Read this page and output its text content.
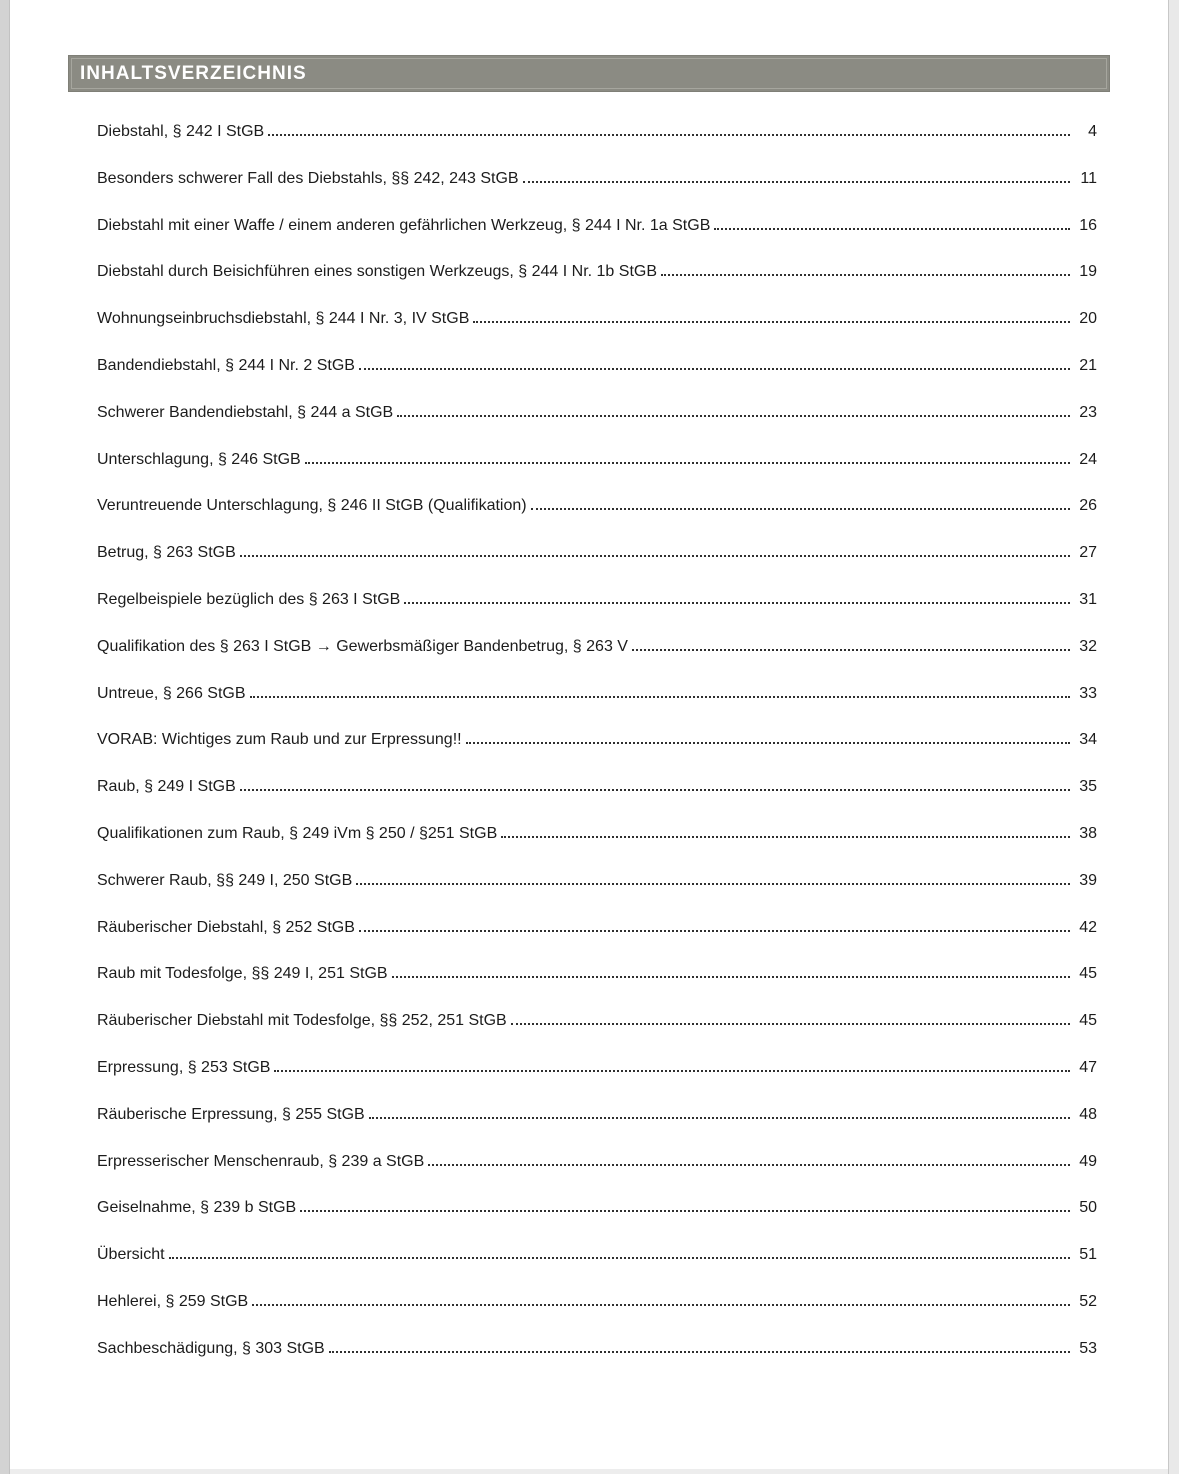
INHALTSVERZEICHNIS
Diebstahl, § 242 I StGB	4
Besonders schwerer Fall des Diebstahls, §§ 242, 243 StGB	11
Diebstahl mit einer Waffe / einem anderen gefährlichen Werkzeug, § 244 I Nr. 1a StGB	16
Diebstahl durch Beisichführen eines sonstigen Werkzeugs, § 244 I Nr. 1b StGB	19
Wohnungseinbruchsdiebstahl, § 244 I Nr. 3, IV StGB	20
Bandendiebstahl, § 244 I Nr. 2 StGB	21
Schwerer Bandendiebstahl, § 244 a StGB	23
Unterschlagung, § 246 StGB	24
Veruntreuende Unterschlagung, § 246 II StGB (Qualifikation)	26
Betrug, § 263 StGB	27
Regelbeispiele bezüglich des § 263 I StGB	31
Qualifikation des § 263 I StGB → Gewerbsmäßiger Bandenbetrug, § 263 V	32
Untreue, § 266 StGB	33
VORAB: Wichtiges zum Raub und zur Erpressung!!	34
Raub, § 249 I StGB	35
Qualifikationen zum Raub, § 249 iVm § 250 / §251 StGB	38
Schwerer Raub, §§ 249 I, 250 StGB	39
Räuberischer Diebstahl, § 252 StGB	42
Raub mit Todesfolge, §§ 249 I, 251 StGB	45
Räuberischer Diebstahl mit Todesfolge, §§ 252, 251 StGB	45
Erpressung, § 253 StGB	47
Räuberische Erpressung, § 255 StGB	48
Erpresserischer Menschenraub, § 239 a StGB	49
Geiselnahme, § 239 b StGB	50
Übersicht	51
Hehlerei, § 259 StGB	52
Sachbeschädigung, § 303 StGB	53
